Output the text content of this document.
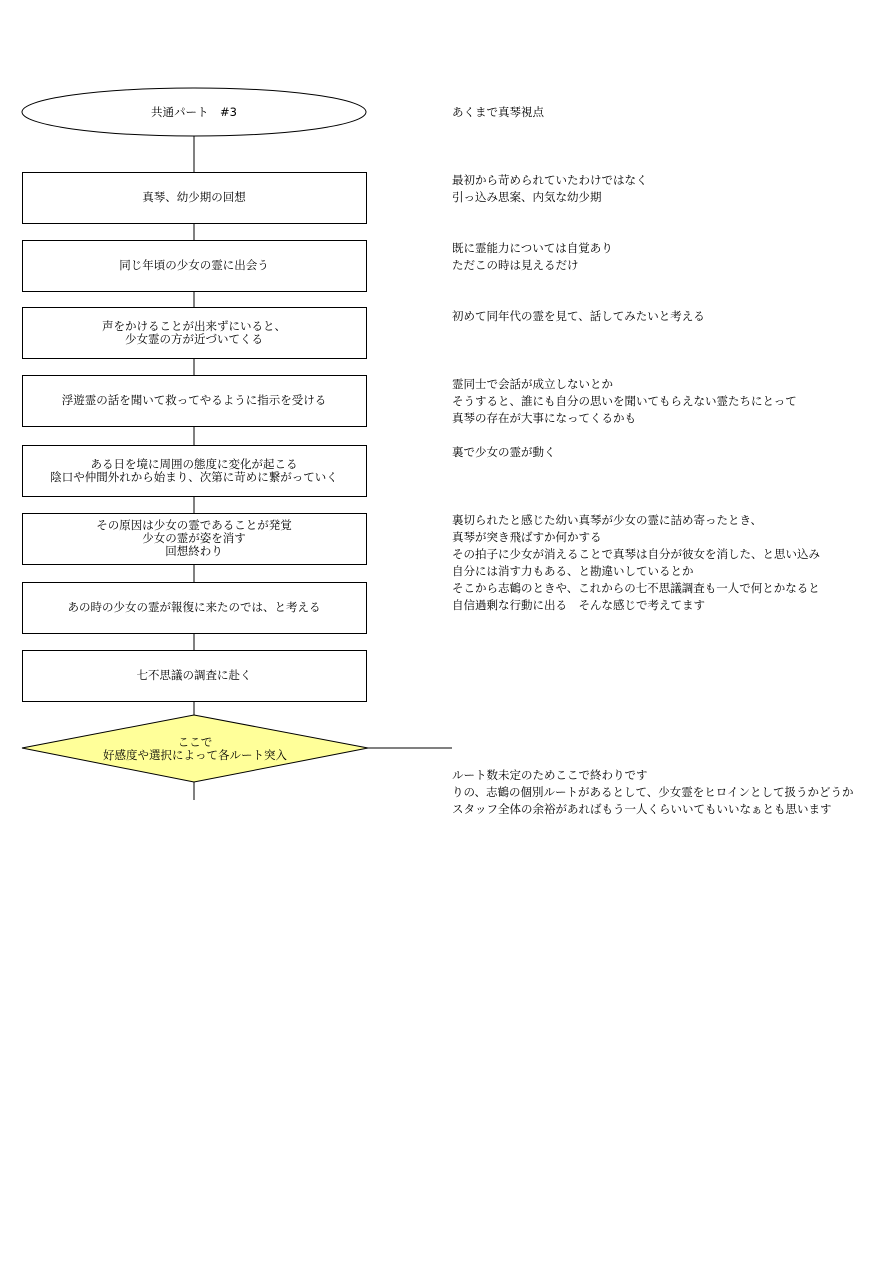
共通パート　#3
真琴、幼少期の回想
同じ年頃の少女の霊に出会う
声をかけることが出来ずにいると、
少女霊の方が近づいてくる
浮遊霊の話を聞いて救ってやるように指示を受ける
ある日を境に周囲の態度に変化が起こる
陰口や仲間外れから始まり、次第に苛めに繋がっていく
その原因は少女の霊であることが発覚
少女の霊が姿を消す
回想終わり
あの時の少女の霊が報復に来たのでは、と考える
七不思議の調査に赴く
ここで
好感度や選択によって各ルート突入
あくまで真琴視点
最初から苛められていたわけではなく
引っ込み思案、内気な幼少期
既に霊能力については自覚あり
ただこの時は見えるだけ
初めて同年代の霊を見て、話してみたいと考える
霊同士で会話が成立しないとか
そうすると、誰にも自分の思いを聞いてもらえない霊たちにとって
真琴の存在が大事になってくるかも
裏で少女の霊が動く
裏切られたと感じた幼い真琴が少女の霊に詰め寄ったとき、
真琴が突き飛ばすか何かする
その拍子に少女が消えることで真琴は自分が彼女を消した、と思い込み
自分には消す力もある、と勘違いしているとか
そこから志鶴のときや、これからの七不思議調査も一人で何とかなると
自信過剰な行動に出る　そんな感じで考えてます
ルート数未定のためここで終わりです
りの、志鶴の個別ルートがあるとして、少女霊をヒロインとして扱うかどうか
スタッフ全体の余裕があればもう一人くらいいてもいいなぁとも思います
